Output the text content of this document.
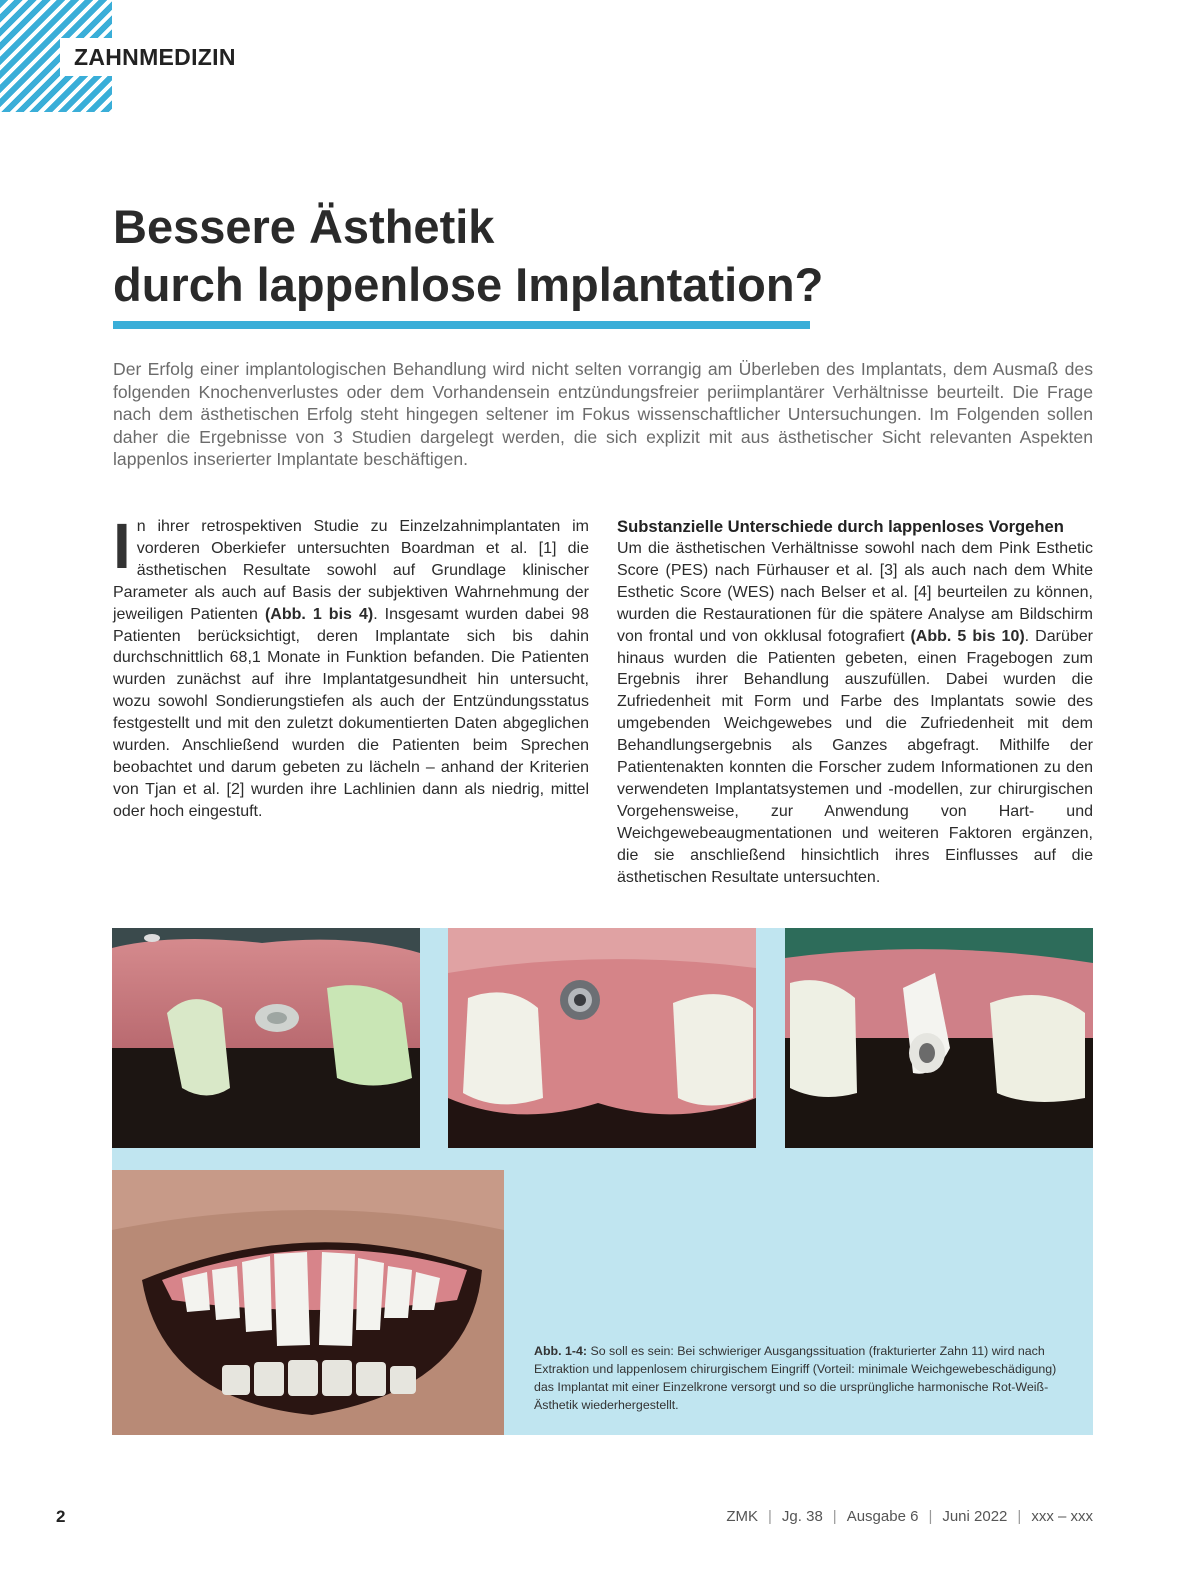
ZAHNMEDIZIN
Bessere Ästhetik
durch lappenlose Implantation?

Der Erfolg einer implantologischen Behandlung wird nicht selten vorrangig am Überleben des Implantats, dem Ausmaß des folgenden Knochenverlustes oder dem Vorhandensein entzündungsfreier periimplantärer Verhältnisse beurteilt. Die Frage nach dem ästhetischen Erfolg steht hingegen seltener im Fokus wissenschaftlicher Untersuchungen. Im Folgenden sollen daher die Ergebnisse von 3 Studien dargelegt werden, die sich explizit mit aus ästhetischer Sicht relevanten Aspekten lappenlos inserierter Implantate beschäftigen.

In ihrer retrospektiven Studie zu Einzelzahnimplantaten im vorderen Oberkiefer untersuchten Boardman et al. [1] die ästhetischen Resultate sowohl auf Grundlage klinischer Parameter als auch auf Basis der subjektiven Wahrnehmung der jeweiligen Patienten (Abb. 1 bis 4). Insgesamt wurden dabei 98 Patienten berücksichtigt, deren Implantate sich bis dahin durchschnittlich 68,1 Monate in Funktion befanden. Die Patienten wurden zunächst auf ihre Implantatgesundheit hin untersucht, wozu sowohl Sondierungstiefen als auch der Entzündungsstatus festgestellt und mit den zuletzt dokumentierten Daten abgeglichen wurden. Anschließend wurden die Patienten beim Sprechen beobachtet und darum gebeten zu lächeln – anhand der Kriterien von Tjan et al. [2] wurden ihre Lachlinien dann als niedrig, mittel oder hoch eingestuft.
Substanzielle Unterschiede durch lappenloses Vorgehen
Um die ästhetischen Verhältnisse sowohl nach dem Pink Esthetic Score (PES) nach Fürhauser et al. [3] als auch nach dem White Esthetic Score (WES) nach Belser et al. [4] beurteilen zu können, wurden die Restaurationen für die spätere Analyse am Bildschirm von frontal und von okklusal fotografiert (Abb. 5 bis 10). Darüber hinaus wurden die Patienten gebeten, einen Fragebogen zum Ergebnis ihrer Behandlung auszufüllen. Dabei wurden die Zufriedenheit mit Form und Farbe des Implantats sowie des umgebenden Weichgewebes und die Zufriedenheit mit dem Behandlungsergebnis als Ganzes abgefragt. Mithilfe der Patientenakten konnten die Forscher zudem Informationen zu den verwendeten Implantatsystemen und -modellen, zur chirurgischen Vorgehensweise, zur Anwendung von Hart- und Weichgewebeaugmentationen und weiteren Faktoren ergänzen, die sie anschließend hinsichtlich ihres Einflusses auf die ästhetischen Resultate untersuchten.

Abb. 1-4: So soll es sein: Bei schwieriger Ausgangssituation (frakturierter Zahn 11) wird nach Extraktion und lappenlosem chirurgischem Eingriff (Vorteil: minimale Weichgewebeschädigung) das Implantat mit einer Einzelkrone versorgt und so die ursprüngliche harmonische Rot-Weiß-Ästhetik wiederhergestellt.

2	ZMK | Jg. 38 | Ausgabe 6 | Juni 2022 | xxx – xxx
